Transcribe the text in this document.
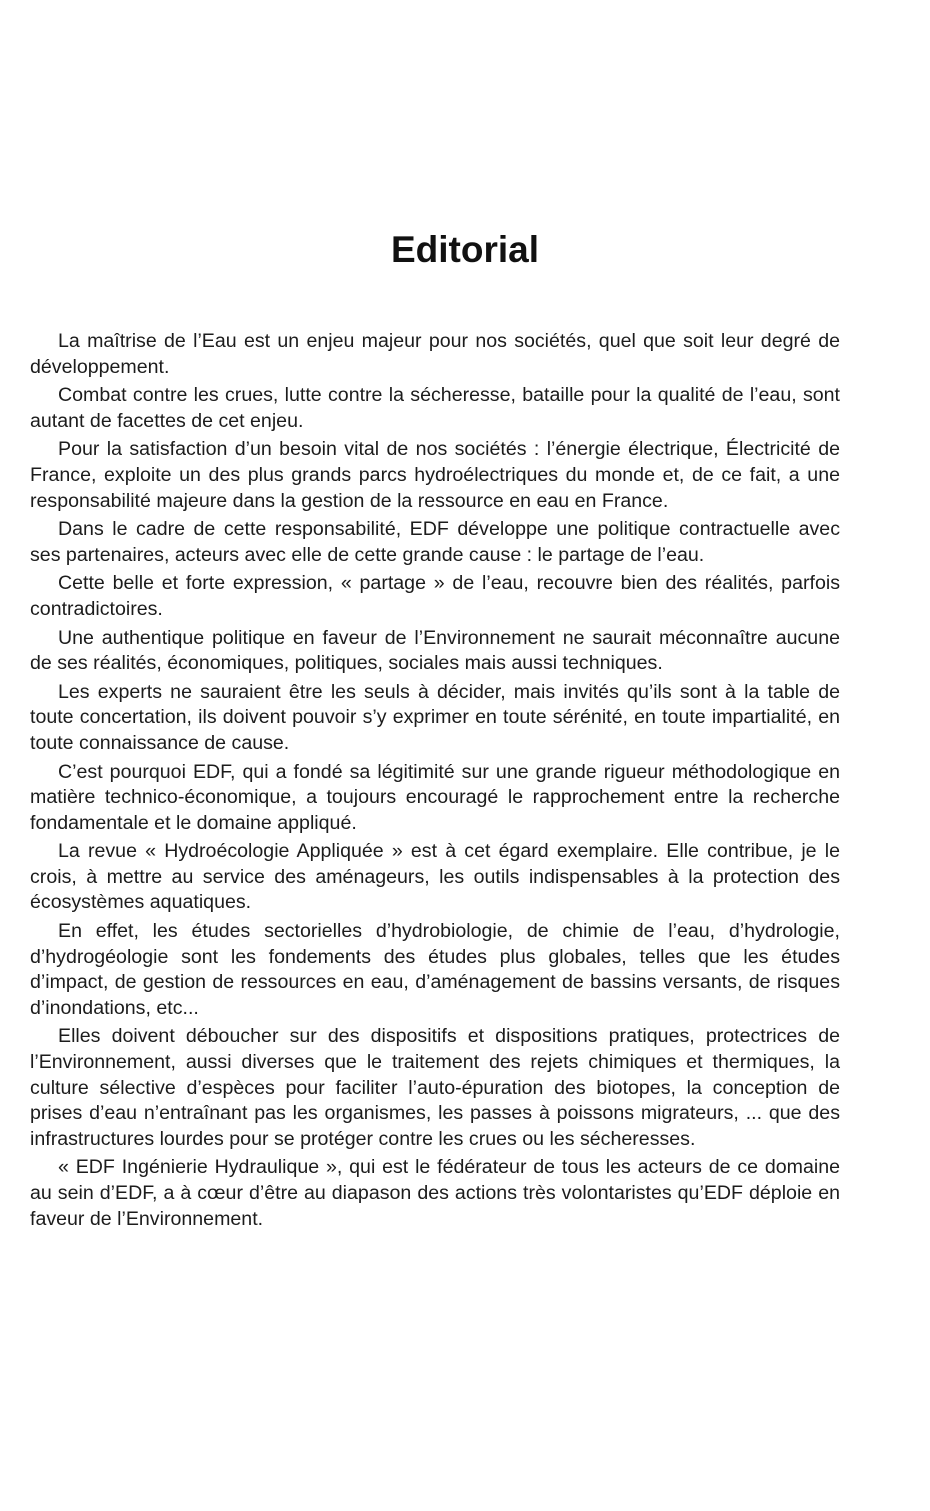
Editorial

La maîtrise de l’Eau est un enjeu majeur pour nos sociétés, quel que soit leur degré de développement.

Combat contre les crues, lutte contre la sécheresse, bataille pour la qualité de l’eau, sont autant de facettes de cet enjeu.

Pour la satisfaction d’un besoin vital de nos sociétés : l’énergie électrique, Électricité de France, exploite un des plus grands parcs hydroélectriques du monde et, de ce fait, a une responsabilité majeure dans la gestion de la ressource en eau en France.

Dans le cadre de cette responsabilité, EDF développe une politique contractuelle avec ses partenaires, acteurs avec elle de cette grande cause : le partage de l’eau.

Cette belle et forte expression, « partage » de l’eau, recouvre bien des réalités, parfois contradictoires.

Une authentique politique en faveur de l’Environnement ne saurait méconnaître aucune de ses réalités, économiques, politiques, sociales mais aussi techniques.

Les experts ne sauraient être les seuls à décider, mais invités qu’ils sont à la table de toute concertation, ils doivent pouvoir s’y exprimer en toute sérénité, en toute impartialité, en toute connaissance de cause.

C’est pourquoi EDF, qui a fondé sa légitimité sur une grande rigueur méthodologique en matière technico-économique, a toujours encouragé le rapprochement entre la recherche fondamentale et le domaine appliqué.

La revue « Hydroécologie Appliquée » est à cet égard exemplaire. Elle contribue, je le crois, à mettre au service des aménageurs, les outils indispensables à la protection des écosystèmes aquatiques.

En effet, les études sectorielles d’hydrobiologie, de chimie de l’eau, d’hydrologie, d’hydrogéologie sont les fondements des études plus globales, telles que les études d’impact, de gestion de ressources en eau, d’aménagement de bassins versants, de risques d’inondations, etc...

Elles doivent déboucher sur des dispositifs et dispositions pratiques, protectrices de l’Environnement, aussi diverses que le traitement des rejets chimiques et thermiques, la culture sélective d’espèces pour faciliter l’auto-épuration des biotopes, la conception de prises d’eau n’entraînant pas les organismes, les passes à poissons migrateurs, ... que des infrastructures lourdes pour se protéger contre les crues ou les sécheresses.

« EDF Ingénierie Hydraulique », qui est le fédérateur de tous les acteurs de ce domaine au sein d’EDF, a à cœur d’être au diapason des actions très volontaristes qu’EDF déploie en faveur de l’Environnement.
